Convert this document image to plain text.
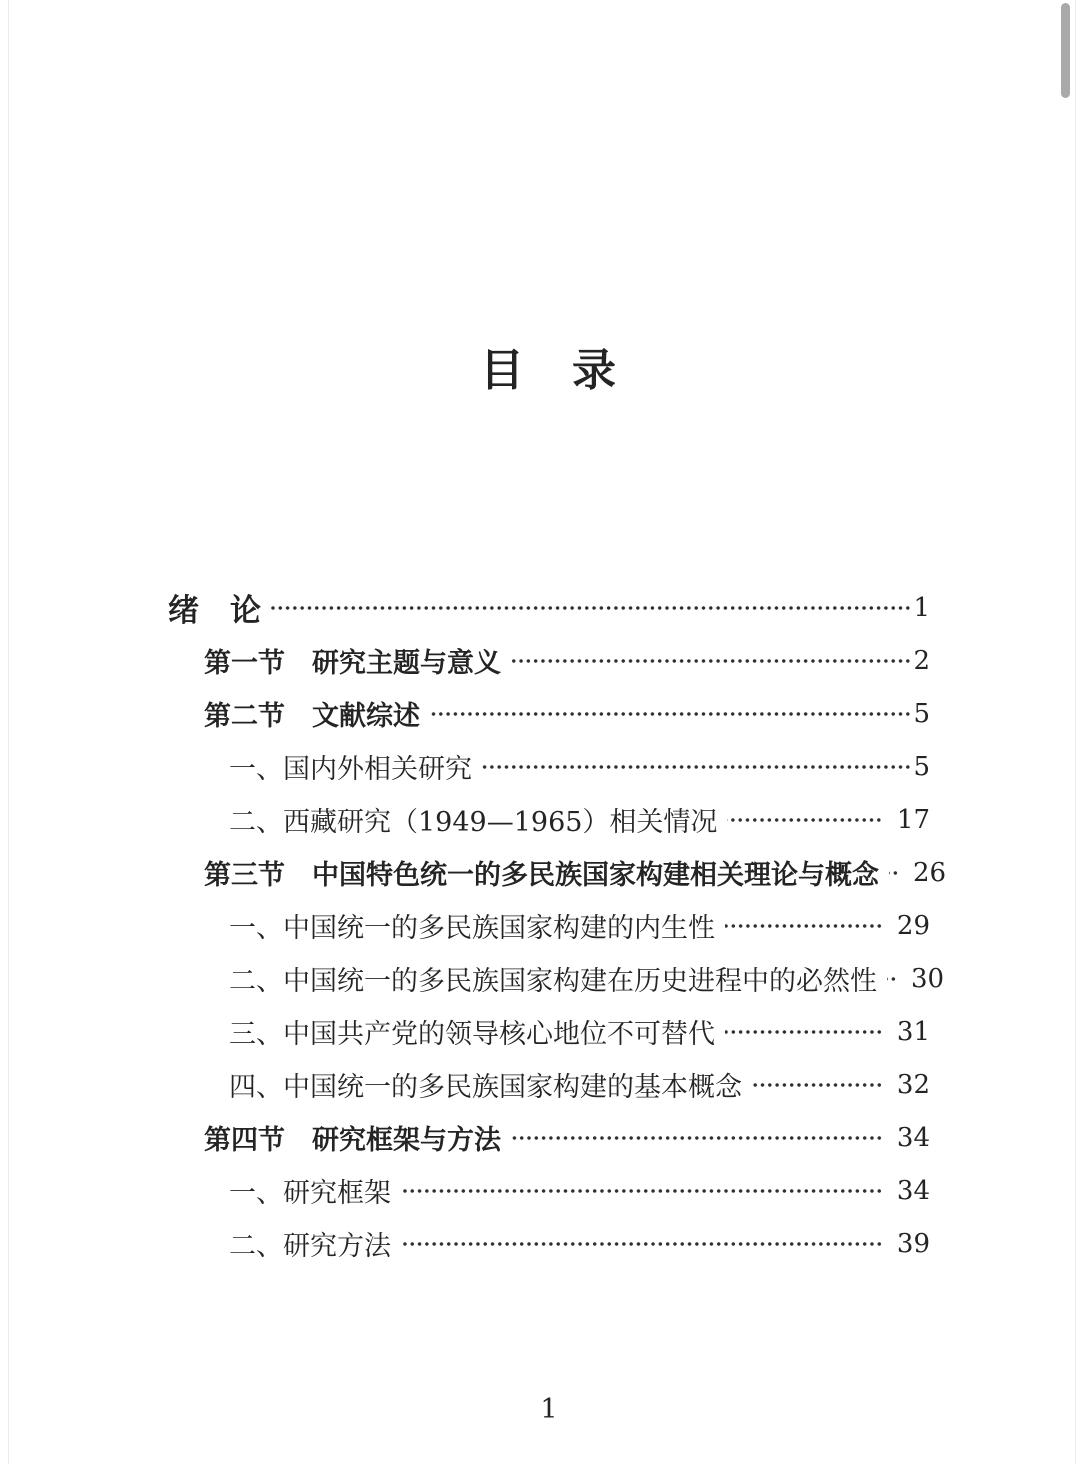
目　录
绪　论	1
第一节　研究主题与意义	2
第二节　文献综述	5
一、国内外相关研究	5
二、西藏研究（1949—1965）相关情况	17
第三节　中国特色统一的多民族国家构建相关理论与概念 26
一、中国统一的多民族国家构建的内生性	29
二、中国统一的多民族国家构建在历史进程中的必然性 30
三、中国共产党的领导核心地位不可替代	31
四、中国统一的多民族国家构建的基本概念	32
第四节　研究框架与方法	34
一、研究框架	34
二、研究方法	39
1
